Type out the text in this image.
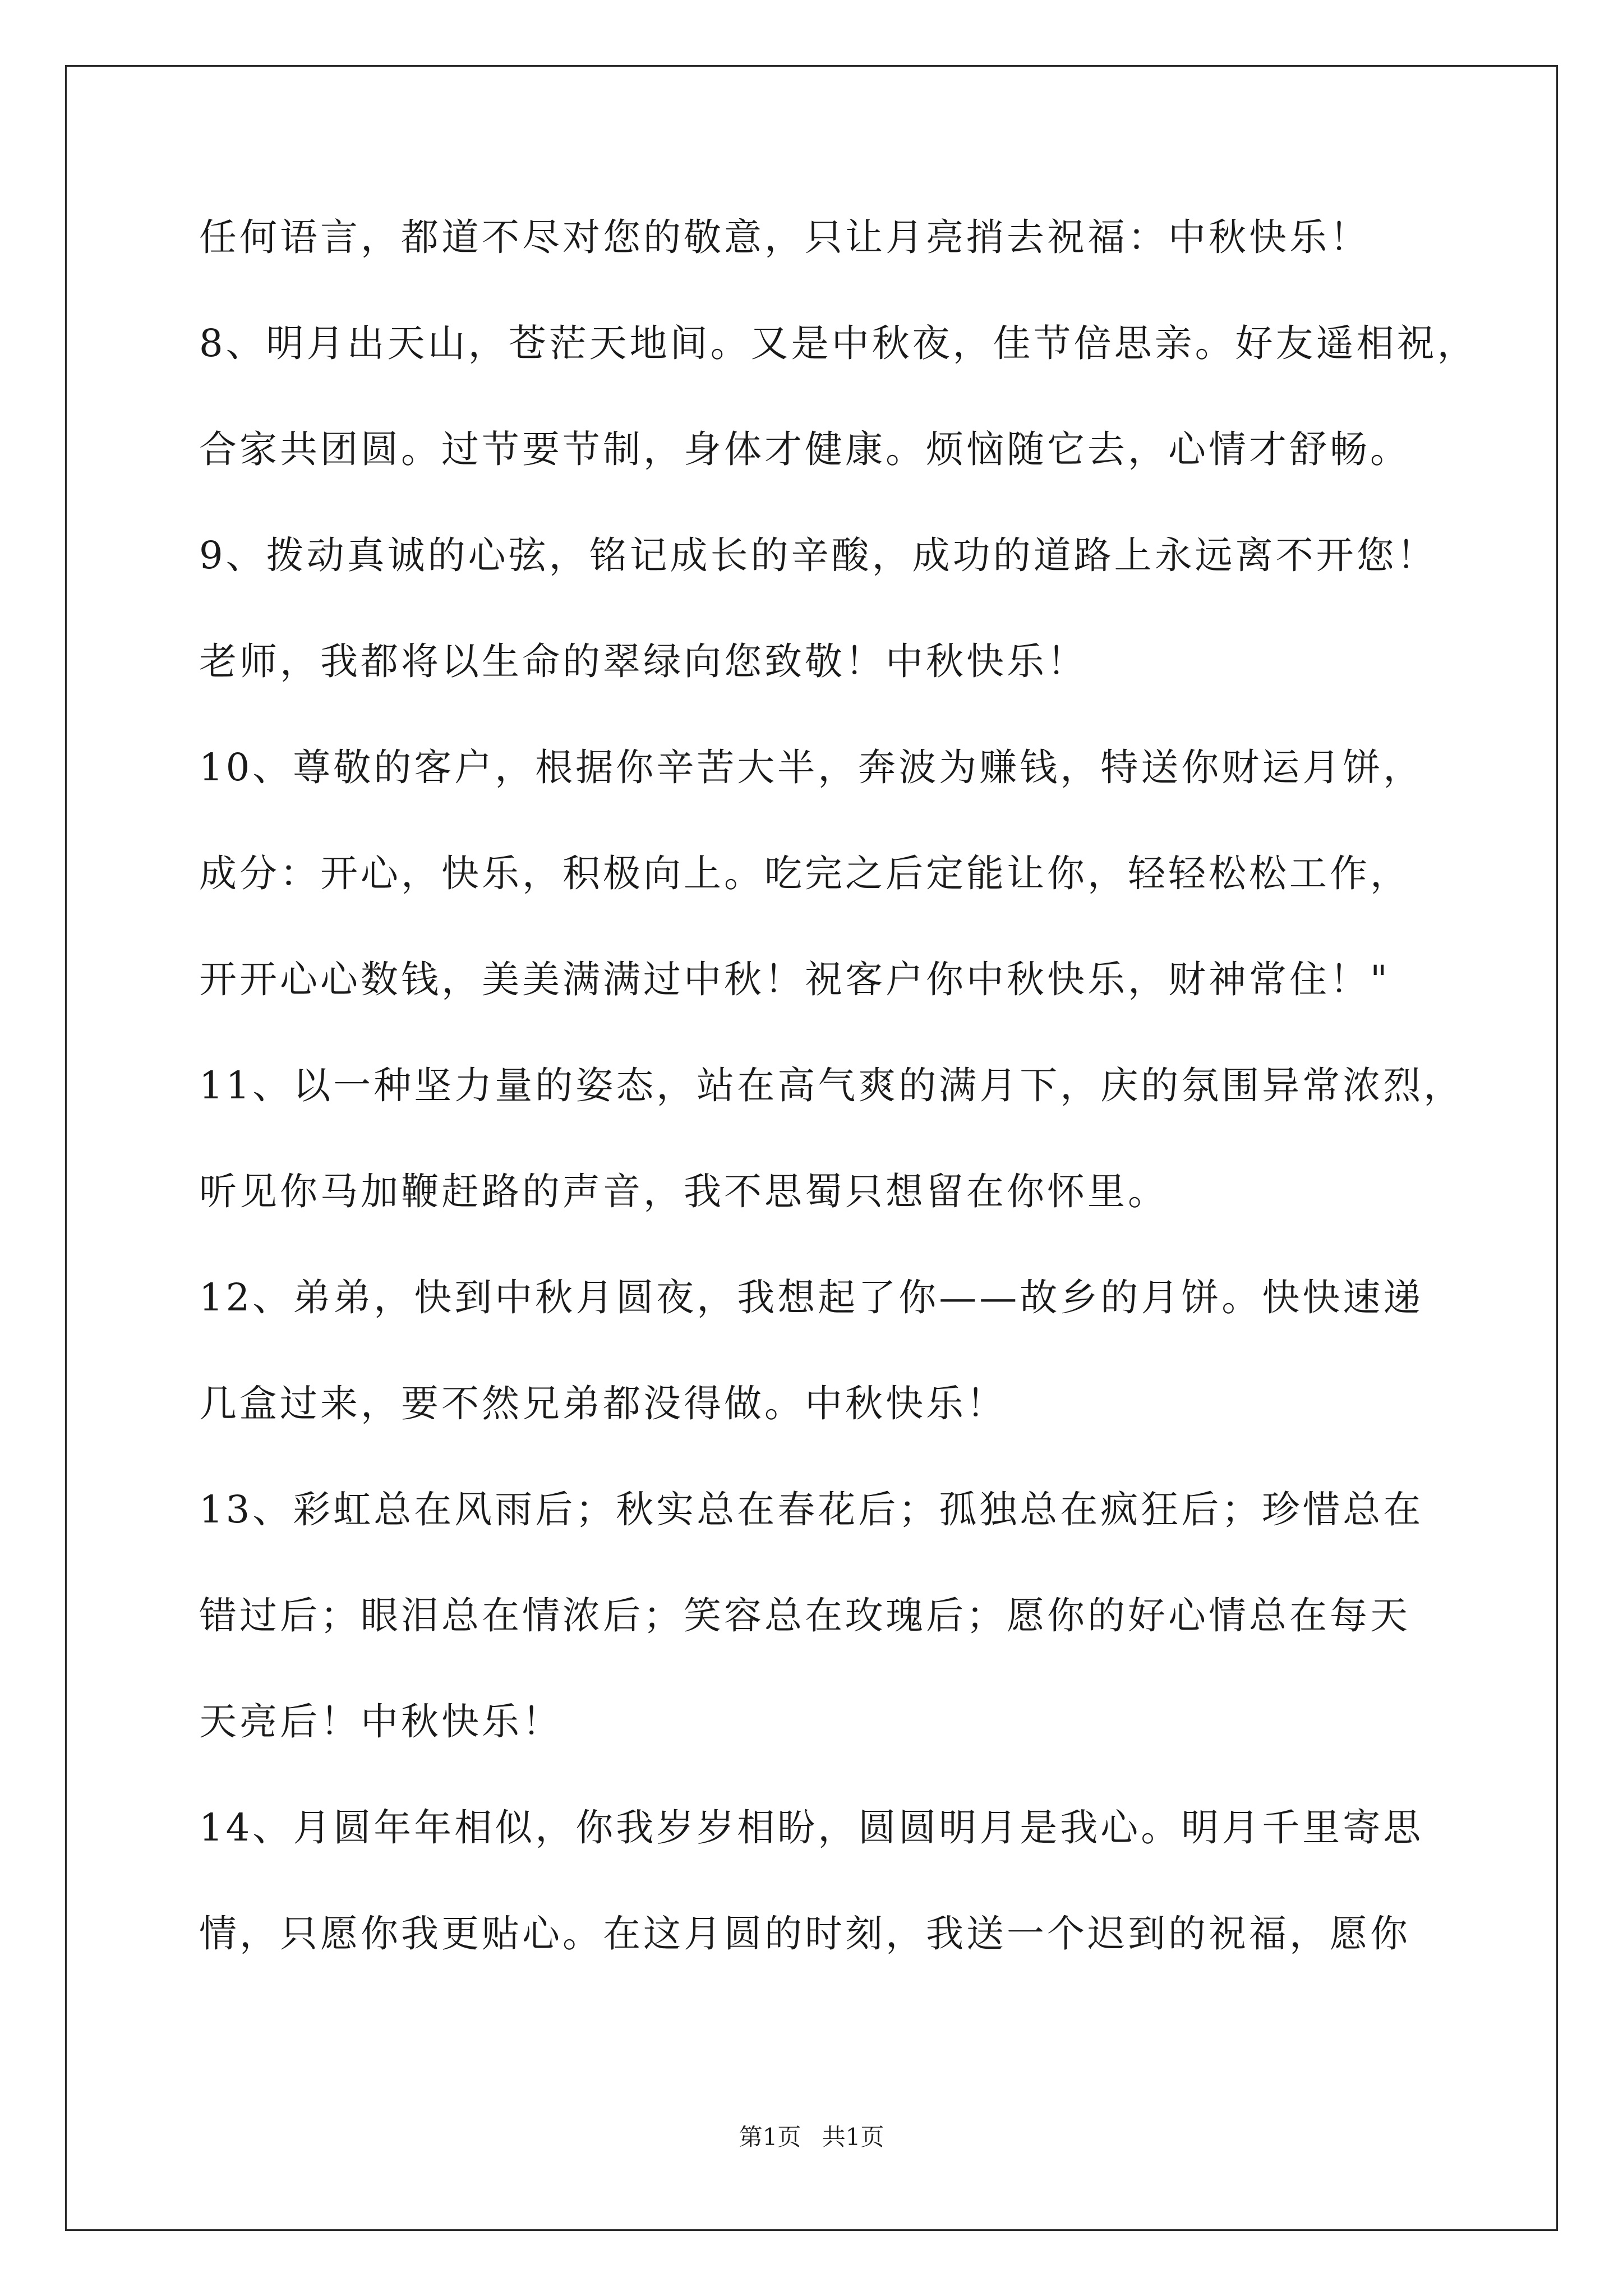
任何语言，都道不尽对您的敬意，只让月亮捎去祝福：中秋快乐！
8、明月出天山，苍茫天地间。又是中秋夜，佳节倍思亲。好友遥相祝，
合家共团圆。过节要节制，身体才健康。烦恼随它去，心情才舒畅。
9、拨动真诚的心弦，铭记成长的辛酸，成功的道路上永远离不开您！
老师，我都将以生命的翠绿向您致敬！中秋快乐！
10、尊敬的客户，根据你辛苦大半，奔波为赚钱，特送你财运月饼，
成分：开心，快乐，积极向上。吃完之后定能让你，轻轻松松工作，
开开心心数钱，美美满满过中秋！祝客户你中秋快乐，财神常住！"
11、以一种坚力量的姿态，站在高气爽的满月下，庆的氛围异常浓烈，
听见你马加鞭赶路的声音，我不思蜀只想留在你怀里。
12、弟弟，快到中秋月圆夜，我想起了你——故乡的月饼。快快速递
几盒过来，要不然兄弟都没得做。中秋快乐！
13、彩虹总在风雨后；秋实总在春花后；孤独总在疯狂后；珍惜总在
错过后；眼泪总在情浓后；笑容总在玫瑰后；愿你的好心情总在每天
天亮后！中秋快乐！
14、月圆年年相似，你我岁岁相盼，圆圆明月是我心。明月千里寄思
情，只愿你我更贴心。在这月圆的时刻，我送一个迟到的祝福，愿你
第1页 共1页
